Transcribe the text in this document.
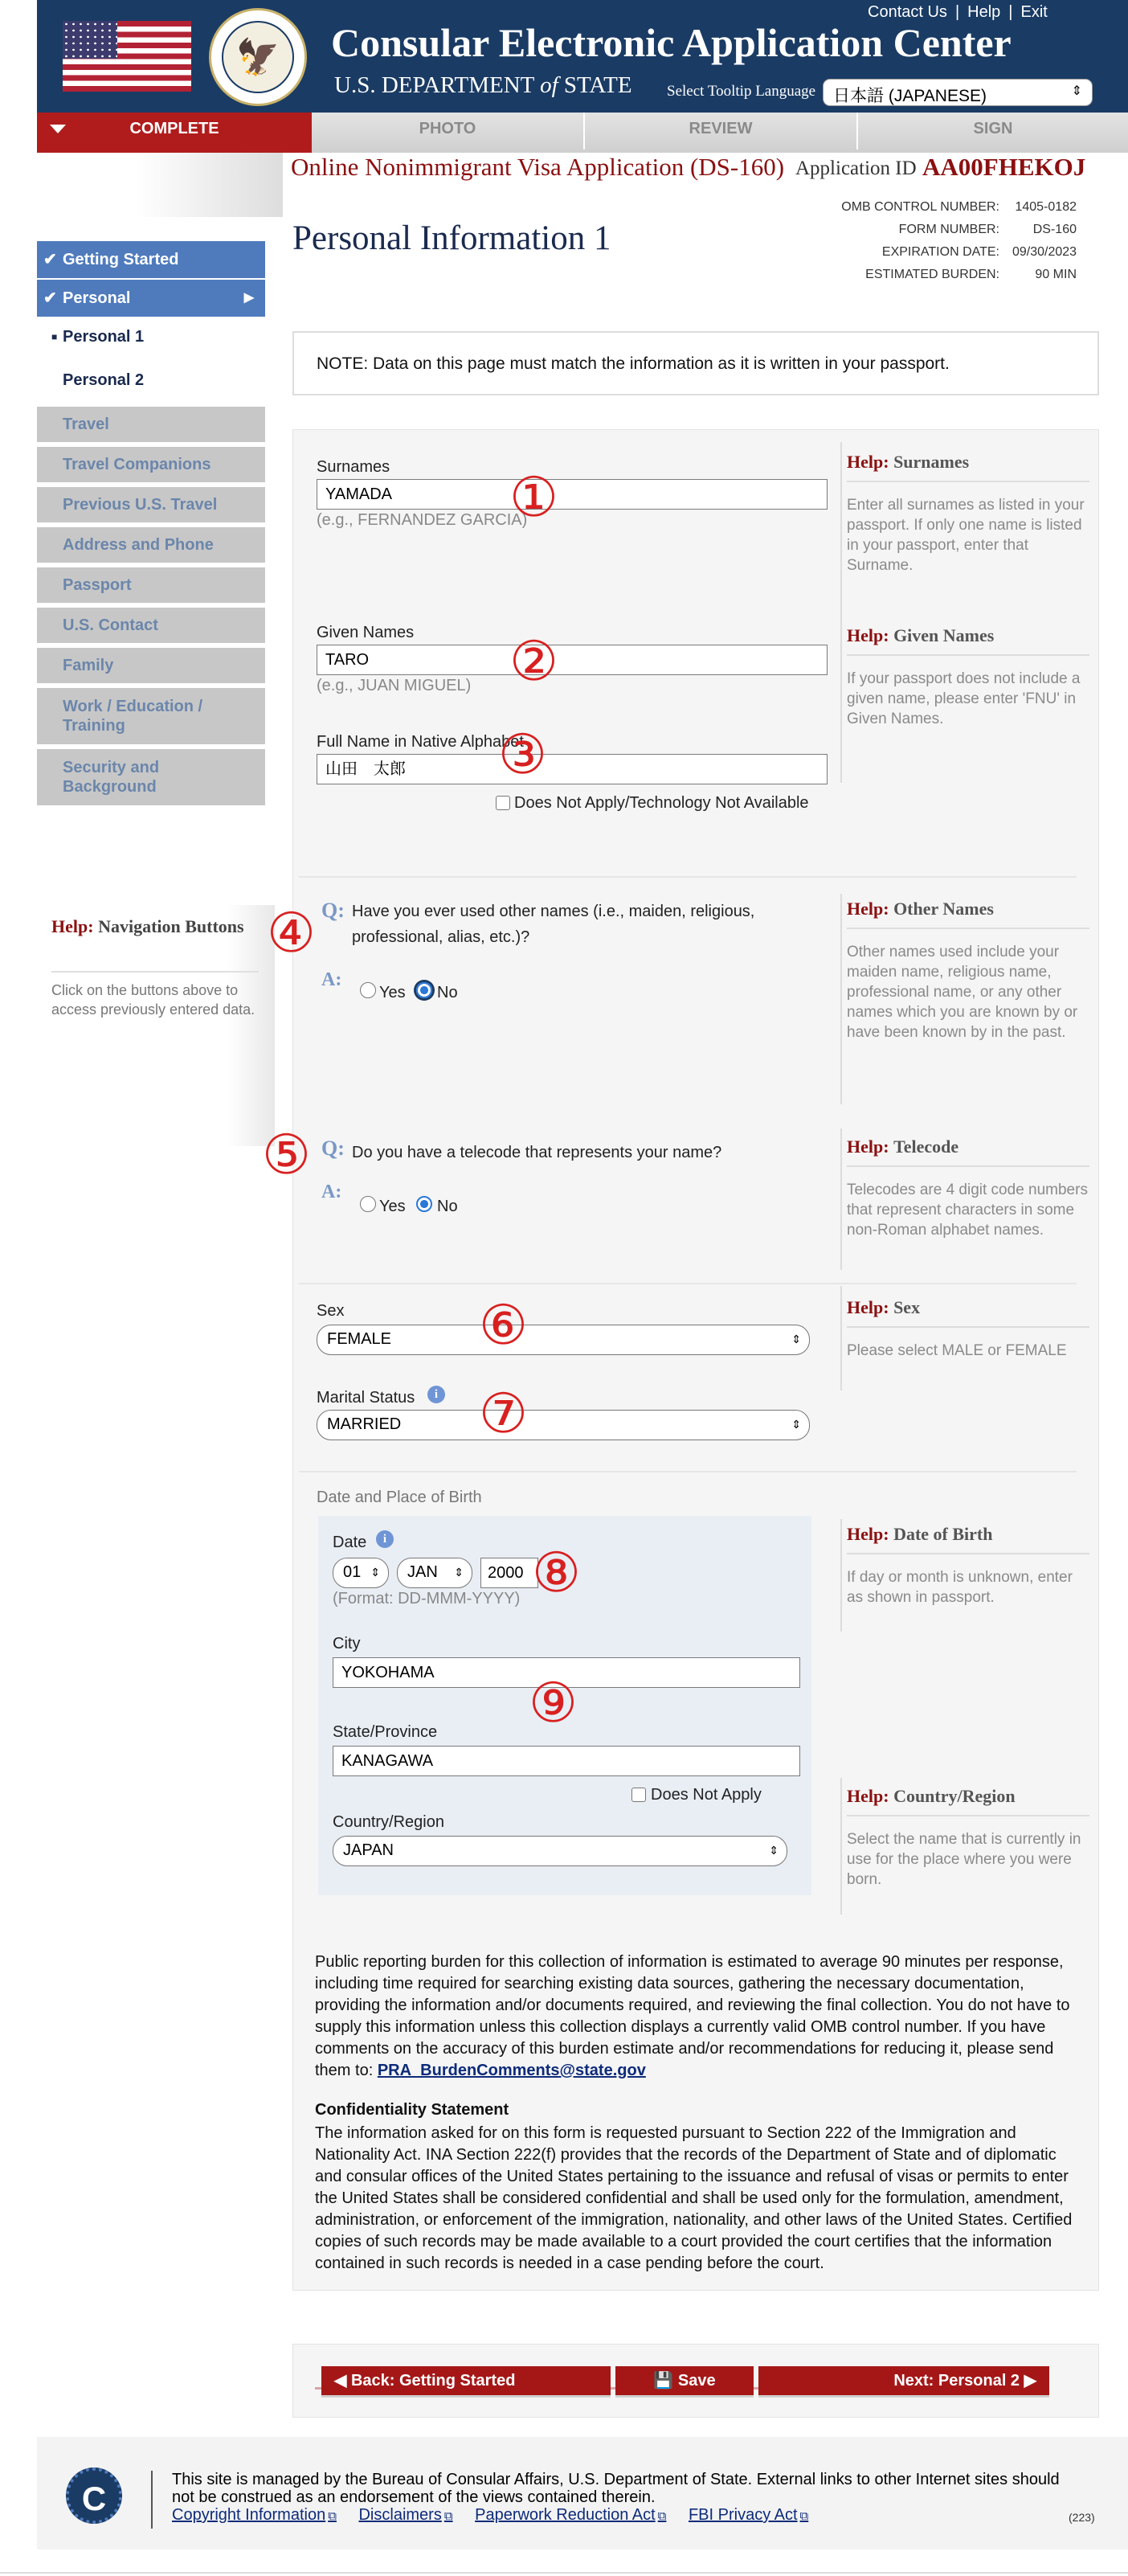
🦅	Consular Electronic Application Center
U.S. DEPARTMENT of STATE
Contact Us | Help | Exit
Select Tooltip Language	日本語 (JAPANESE)	⇕
PHOTO	REVIEW	SIGN
COMPLETE
Online Nonimmigrant Visa Application (DS-160) Application ID AA00FHEKOJ
Personal Information 1
OMB CONTROL NUMBER: 1405-0182
FORM NUMBER:	DS-160
EXPIRATION DATE: 09/30/2023
ESTIMATED BURDEN:	90 MIN
✔ Getting Started
✔ Personal	▶
■ Personal 1
Personal 2
Travel
Travel Companions
Previous U.S. Travel
Address and Phone
Passport
U.S. Contact
Family
Work / Education / Training
Security and Background
Help: Navigation Buttons
Click on the buttons above to access previously entered data.
NOTE: Data on this page must match the information as it is written in your passport.
Surnames
YAMADA
(e.g., FERNANDEZ GARCIA)
Help: Surnames
Enter all surnames as listed in your passport. If only one name is listed in your passport, enter that Surname.
Given Names
TARO
(e.g., JUAN MIGUEL)
Help: Given Names
If your passport does not include a given name, please enter 'FNU' in Given Names.
Full Name in Native Alphabet
山田　太郎
Does Not Apply/Technology Not Available
Q: Have you ever used other names (i.e., maiden, religious, professional, alias, etc.)?
A:
Yes No
Help: Other Names
Other names used include your maiden name, religious name, professional name, or any other names which you are known by or have been known by in the past.
Q: Do you have a telecode that represents your name?
A:
Yes No
Help: Telecode
Telecodes are 4 digit code numbers that represent characters in some non-Roman alphabet names.
Sex
FEMALE	⇕
Marital Status	i
MARRIED	⇕
Help: Sex
Please select MALE or FEMALE
Date and Place of Birth
Date	i
01 ⇕	JAN ⇕	2000
(Format: DD-MMM-YYYY)
City
YOKOHAMA
State/Province
KANAGAWA
Does Not Apply
Country/Region
JAPAN	⇕
Help: Date of Birth
If day or month is unknown, enter as shown in passport.
Help: Country/Region
Select the name that is currently in use for the place where you were born.
①
②
③
④
⑤
⑥
⑦
⑧
⑨
Public reporting burden for this collection of information is estimated to average 90 minutes per response, including time required for searching existing data sources, gathering the necessary documentation, providing the information and/or documents required, and reviewing the final collection. You do not have to supply this information unless this collection displays a currently valid OMB control number. If you have comments on the accuracy of this burden estimate and/or recommendations for reducing it, please send them to: PRA_BurdenComments@state.gov
Confidentiality Statement
The information asked for on this form is requested pursuant to Section 222 of the Immigration and Nationality Act. INA Section 222(f) provides that the records of the Department of State and of diplomatic and consular offices of the United States pertaining to the issuance and refusal of visas or permits to enter the United States shall be considered confidential and shall be used only for the formulation, amendment, administration, or enforcement of the immigration, nationality, and other laws of the United States. Certified copies of such records may be made available to a court provided the court certifies that the information contained in such records is needed in a case pending before the court.
◀ Back: Getting Started	💾 Save	Next: Personal 2 ▶
C	This site is managed by the Bureau of Consular Affairs, U.S. Department of State. External links to other Internet sites should not be construed as an endorsement of the views contained therein.
Copyright Information ⧉ Disclaimers ⧉ Paperwork Reduction Act ⧉ FBI Privacy Act ⧉	(223)
